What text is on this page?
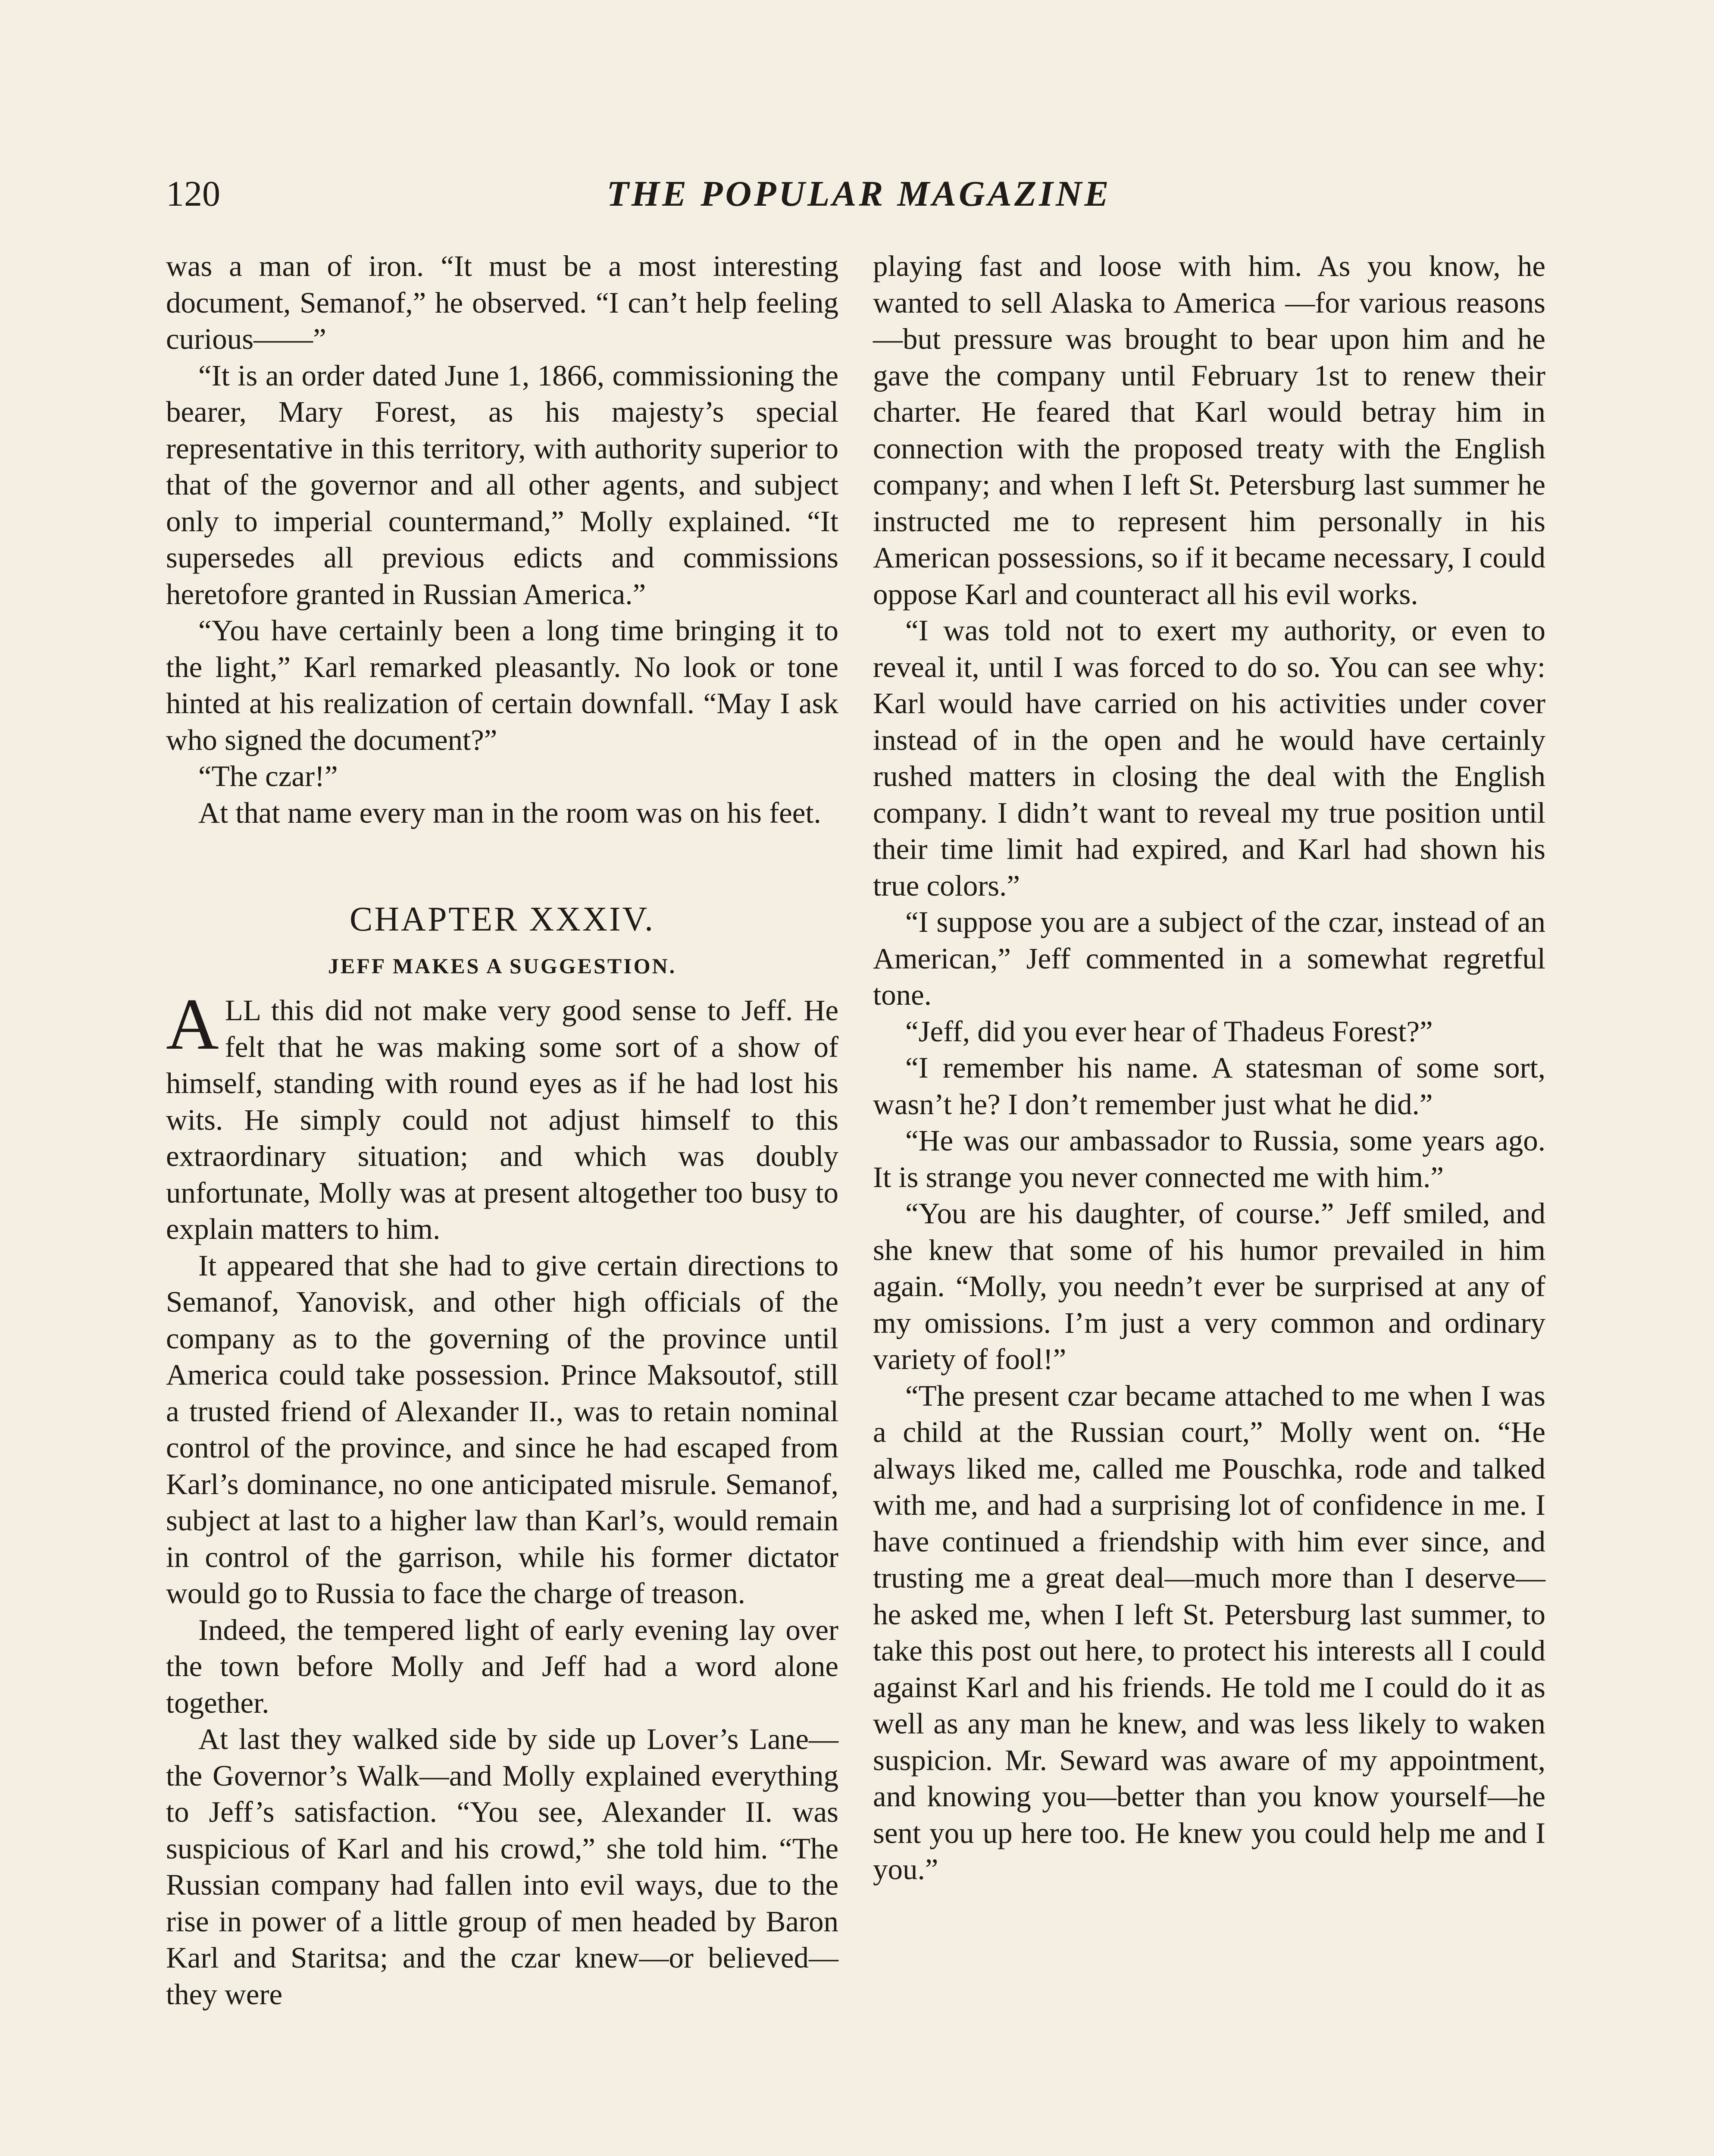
120	THE POPULAR MAGAZINE

was a man of iron. “It must be a most interesting document, Semanof,” he observed. “I can’t help feeling curious——”

“It is an order dated June 1, 1866, commissioning the bearer, Mary Forest, as his majesty’s special representative in this territory, with authority superior to that of the governor and all other agents, and subject only to imperial countermand,” Molly explained. “It supersedes all previous edicts and commissions heretofore granted in Russian America.”

“You have certainly been a long time bringing it to the light,” Karl remarked pleasantly. No look or tone hinted at his realization of certain downfall. “May I ask who signed the document?”

“The czar!”

At that name every man in the room was on his feet.

CHAPTER XXXIV.
JEFF MAKES A SUGGESTION.

ALL this did not make very good sense to Jeff. He felt that he was making some sort of a show of himself, standing with round eyes as if he had lost his wits. He simply could not adjust himself to this extraordinary situation; and which was doubly unfortunate, Molly was at present altogether too busy to explain matters to him.

It appeared that she had to give certain directions to Semanof, Yanovisk, and other high officials of the company as to the governing of the province until America could take possession. Prince Maksoutof, still a trusted friend of Alexander II., was to retain nominal control of the province, and since he had escaped from Karl’s dominance, no one anticipated misrule. Semanof, subject at last to a higher law than Karl’s, would remain in control of the garrison, while his former dictator would go to Russia to face the charge of treason.

Indeed, the tempered light of early evening lay over the town before Molly and Jeff had a word alone together.

At last they walked side by side up Lover’s Lane—the Governor’s Walk—and Molly explained everything to Jeff’s satisfaction. “You see, Alexander II. was suspicious of Karl and his crowd,” she told him. “The Russian company had fallen into evil ways, due to the rise in power of a little group of men headed by Baron Karl and Staritsa; and the czar knew—or believed—they were

playing fast and loose with him. As you know, he wanted to sell Alaska to America —for various reasons—but pressure was brought to bear upon him and he gave the company until February 1st to renew their charter. He feared that Karl would betray him in connection with the proposed treaty with the English company; and when I left St. Petersburg last summer he instructed me to represent him personally in his American possessions, so if it became necessary, I could oppose Karl and counteract all his evil works.

“I was told not to exert my authority, or even to reveal it, until I was forced to do so. You can see why: Karl would have carried on his activities under cover instead of in the open and he would have certainly rushed matters in closing the deal with the English company. I didn’t want to reveal my true position until their time limit had expired, and Karl had shown his true colors.”

“I suppose you are a subject of the czar, instead of an American,” Jeff commented in a somewhat regretful tone.

“Jeff, did you ever hear of Thadeus Forest?”

“I remember his name. A statesman of some sort, wasn’t he? I don’t remember just what he did.”

“He was our ambassador to Russia, some years ago. It is strange you never connected me with him.”

“You are his daughter, of course.” Jeff smiled, and she knew that some of his humor prevailed in him again. “Molly, you needn’t ever be surprised at any of my omissions. I’m just a very common and ordinary variety of fool!”

“The present czar became attached to me when I was a child at the Russian court,” Molly went on. “He always liked me, called me Pouschka, rode and talked with me, and had a surprising lot of confidence in me. I have continued a friendship with him ever since, and trusting me a great deal—much more than I deserve—he asked me, when I left St. Petersburg last summer, to take this post out here, to protect his interests all I could against Karl and his friends. He told me I could do it as well as any man he knew, and was less likely to waken suspicion. Mr. Seward was aware of my appointment, and knowing you—better than you know yourself—he sent you up here too. He knew you could help me and I you.”
